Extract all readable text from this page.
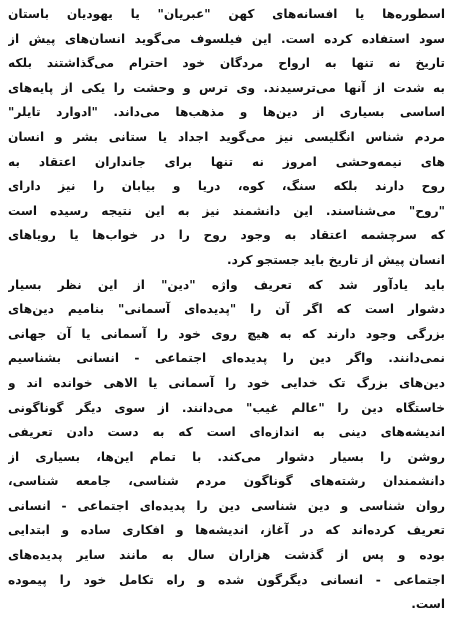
اسطوره‌ها یا افسانه‌های کهن "عبریان" یا یهودیان باستان
سود استفاده کرده است. این فیلسوف می‌گوید انسان‌های پیش از
تاریخ نه تنها به ارواح مردگان خود احترام می‌گذاشتند بلکه
به شدت از آنها می‌ترسیدند. وی ترس و وحشت را یکی از پایه‌های
اساسی بسیاری از دین‌ها و مذهب‌ها می‌داند. "ادوارد تایلر"
مردم شناس انگلیسی نیز می‌گوید اجداد یا ستانی بشر و انسان
های نیمه‌وحشی امروز نه تنها برای جانداران اعتقاد به
روح دارند بلکه سنگ، کوه، دریا و بیابان را نیز دارای
"روح" می‌شناسند. این دانشمند نیز به این نتیجه رسیده است
که سرچشمه اعتقاد به وجود روح را در خواب‌ها یا رویاهای
انسان پیش از تاریخ باید جستجو کرد.
باید یادآور شد که تعریف واژه "دین" از این نظر بسیار
دشوار است که اگر آن را "پدیده‌ای آسمانی" بنامیم دین‌های
بزرگی وجود دارند که به هیچ روی خود را آسمانی یا آن جهانی
نمی‌دانند. واگر دین را پدیده‌ای اجتماعی - انسانی بشناسیم
دین‌های بزرگ تک خدایی خود را آسمانی یا الاهی خوانده اند و
خاستگاه دین را "عالم غیب" می‌دانند. از سوی دیگر گوناگونی
اندیشه‌های دینی به اندازه‌ای است که به دست دادن تعریفی
روشن را بسیار دشوار می‌کند. با تمام این‌ها، بسیاری از
دانشمندان رشته‌های گوناگون مردم شناسی، جامعه شناسی،
روان شناسی و دین شناسی دین را پدیده‌ای اجتماعی - انسانی
تعریف کرده‌اند که در آغاز، اندیشه‌ها و افکاری ساده و ابتدایی
بوده و پس از گذشت هزاران سال به مانند سایر پدیده‌های
اجتماعی - انسانی دیگرگون شده و راه تکامل خود را پیموده
است.
